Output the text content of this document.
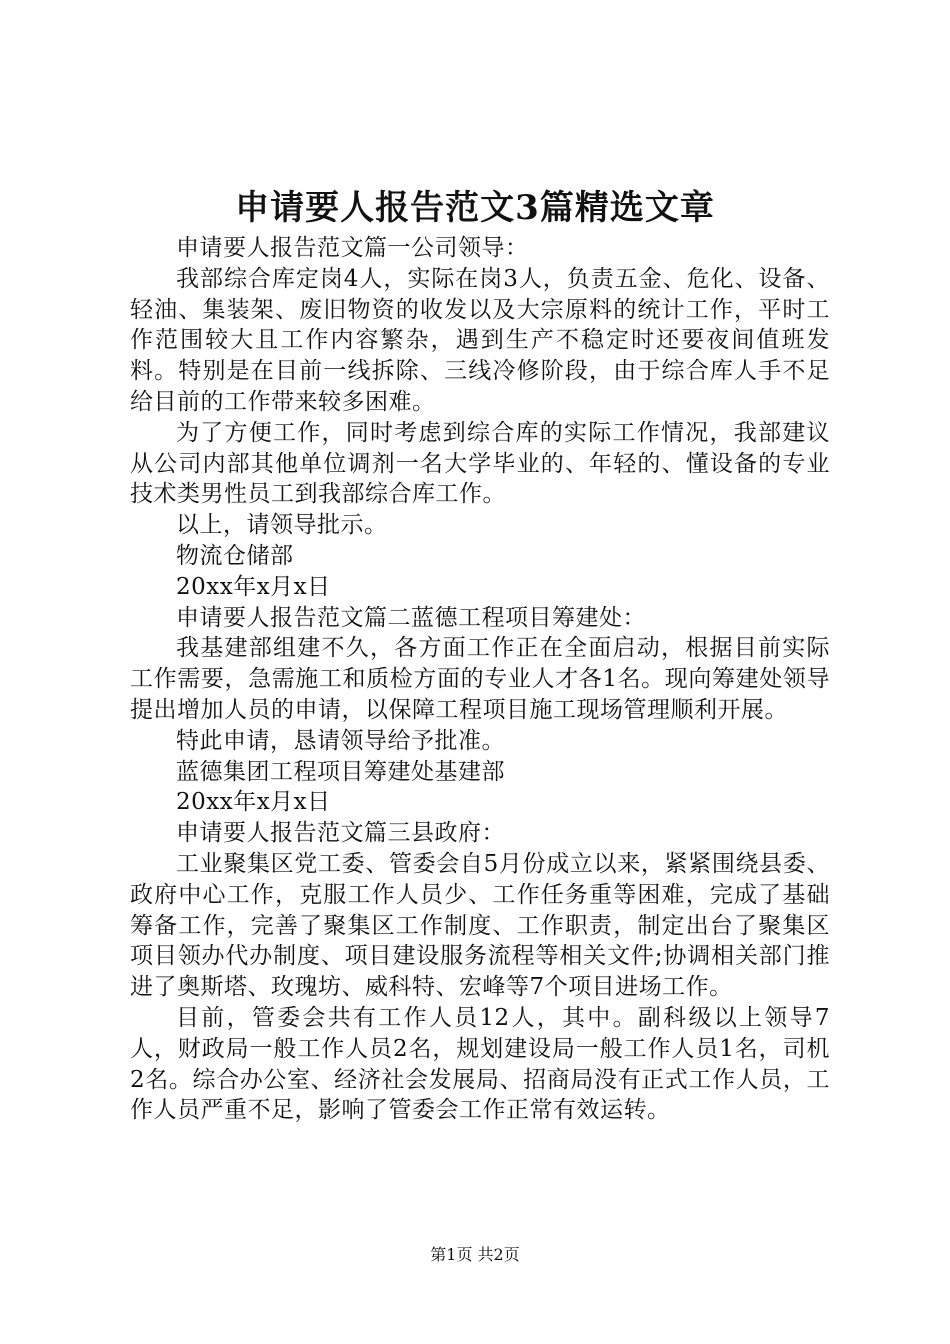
申请要人报告范文3篇精选文章

申请要人报告范文篇一公司领导：

我部综合库定岗4人，实际在岗3人，负责五金、危化、设备、轻油、集装架、废旧物资的收发以及大宗原料的统计工作，平时工作范围较大且工作内容繁杂，遇到生产不稳定时还要夜间值班发料。特别是在目前一线拆除、三线冷修阶段，由于综合库人手不足给目前的工作带来较多困难。

为了方便工作，同时考虑到综合库的实际工作情况，我部建议从公司内部其他单位调剂一名大学毕业的、年轻的、懂设备的专业技术类男性员工到我部综合库工作。

以上，请领导批示。

物流仓储部

20xx年x月x日

申请要人报告范文篇二蓝德工程项目筹建处：

我基建部组建不久，各方面工作正在全面启动，根据目前实际工作需要，急需施工和质检方面的专业人才各1名。现向筹建处领导提出增加人员的申请，以保障工程项目施工现场管理顺利开展。

特此申请，恳请领导给予批准。

蓝德集团工程项目筹建处基建部

20xx年x月x日

申请要人报告范文篇三县政府：

工业聚集区党工委、管委会自5月份成立以来，紧紧围绕县委、政府中心工作，克服工作人员少、工作任务重等困难，完成了基础筹备工作，完善了聚集区工作制度、工作职责，制定出台了聚集区项目领办代办制度、项目建设服务流程等相关文件;协调相关部门推进了奥斯塔、玫瑰坊、威科特、宏峰等7个项目进场工作。

目前，管委会共有工作人员12人，其中。副科级以上领导7人，财政局一般工作人员2名，规划建设局一般工作人员1名，司机2名。综合办公室、经济社会发展局、招商局没有正式工作人员，工作人员严重不足，影响了管委会工作正常有效运转。

第1页 共2页
